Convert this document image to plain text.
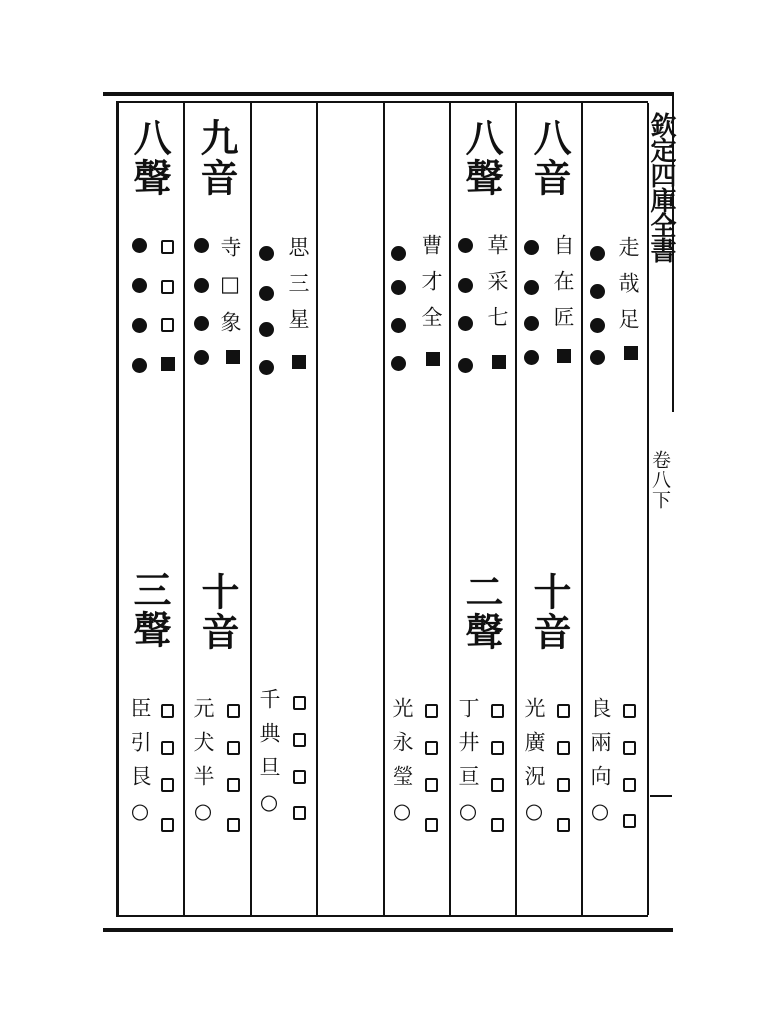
欽定四庫全書
卷八下
八聲
三聲
臣引艮○
九音
寺□象
十音
元犬半○
思三星
千典旦○
曹才全
光永瑩○
八聲
草采七
二聲
丁井亘○
八音
自在匠
十音
光廣況○
走哉足
良兩向○
